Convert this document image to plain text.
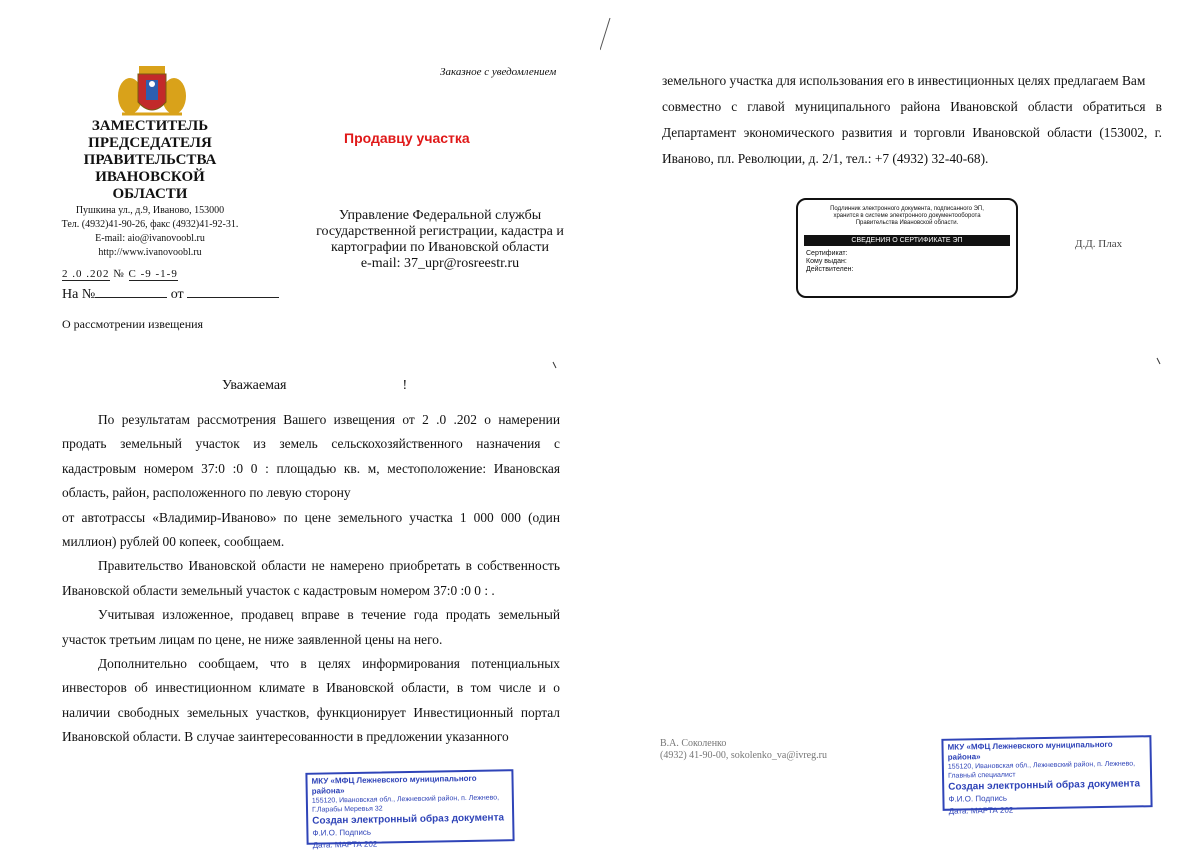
ЗАМЕСТИТЕЛЬ
ПРЕДСЕДАТЕЛЯ
ПРАВИТЕЛЬСТВА
ИВАНОВСКОЙ ОБЛАСТИ
Пушкина ул., д.9, Иваново, 153000
Тел. (4932)41-90-26, факс (4932)41-92-31.
E-mail: aio@ivanovoobl.ru
http://www.ivanovoobl.ru
Заказное с уведомлением
Продавцу участка
Управление Федеральной службы
государственной регистрации, кадастра и
картографии по Ивановской области
e-mail: 37_upr@rosreestr.ru
2 .0 .202 № С -9 -1-9
На №	от
О рассмотрении извещения
Уважаемая	!

По результатам рассмотрения Вашего извещения от 2 .0 .202 о намерении продать земельный участок из земель сельскохозяйственного назначения с кадастровым номером 37:0 :0 0 : площадью кв. м, местоположение: Ивановская область, район, расположенного по левую сторону

от автотрассы «Владимир-Иваново» по цене земельного участка 1 000 000 (один миллион) рублей 00 копеек, сообщаем.

Правительство Ивановской области не намерено приобретать в собственность Ивановской области земельный участок с кадастровым номером 37:0 :0 0 : .

Учитывая изложенное, продавец вправе в течение года продать земельный участок третьим лицам по цене, не ниже заявленной цены на него.

Дополнительно сообщаем, что в целях информирования потенциальных инвесторов об инвестиционном климате в Ивановской области, в том числе и о наличии свободных земельных участков, функционирует Инвестиционный портал Ивановской области. В случае заинтересованности в предложении указанного

МКУ «МФЦ Лежневского муниципального района»
155120, Ивановская обл., Лежневский район, п. Лежнево,
Г.Ларабы Меревья 32
Создан электронный образ документа
Ф.И.О. Подпись
Дата: МАРТА 202

земельного участка для использования его в инвестиционных целях предлагаем Вам

совместно с главой муниципального района Ивановской области обратиться в Департамент экономического развития и торговли Ивановской области (153002, г. Иваново, пл. Революции, д. 2/1, тел.: +7 (4932) 32-40-68).

Подлинник электронного документа, подписанного ЭП,
хранится в системе электронного документооборота
Правительства Ивановской области.
СВЕДЕНИЯ О СЕРТИФИКАТЕ ЭП
Сертификат:
Кому выдан:
Действителен:
Д.Д. Плах
В.А. Соколенко
(4932) 41-90-00, sokolenko_va@ivreg.ru
МКУ «МФЦ Лежневского муниципального района»
155120, Ивановская обл., Лежневский район, п. Лежнево,
Главный специалист
Создан электронный образ документа
Ф.И.О. Подпись
Дата: МАРТА 202
